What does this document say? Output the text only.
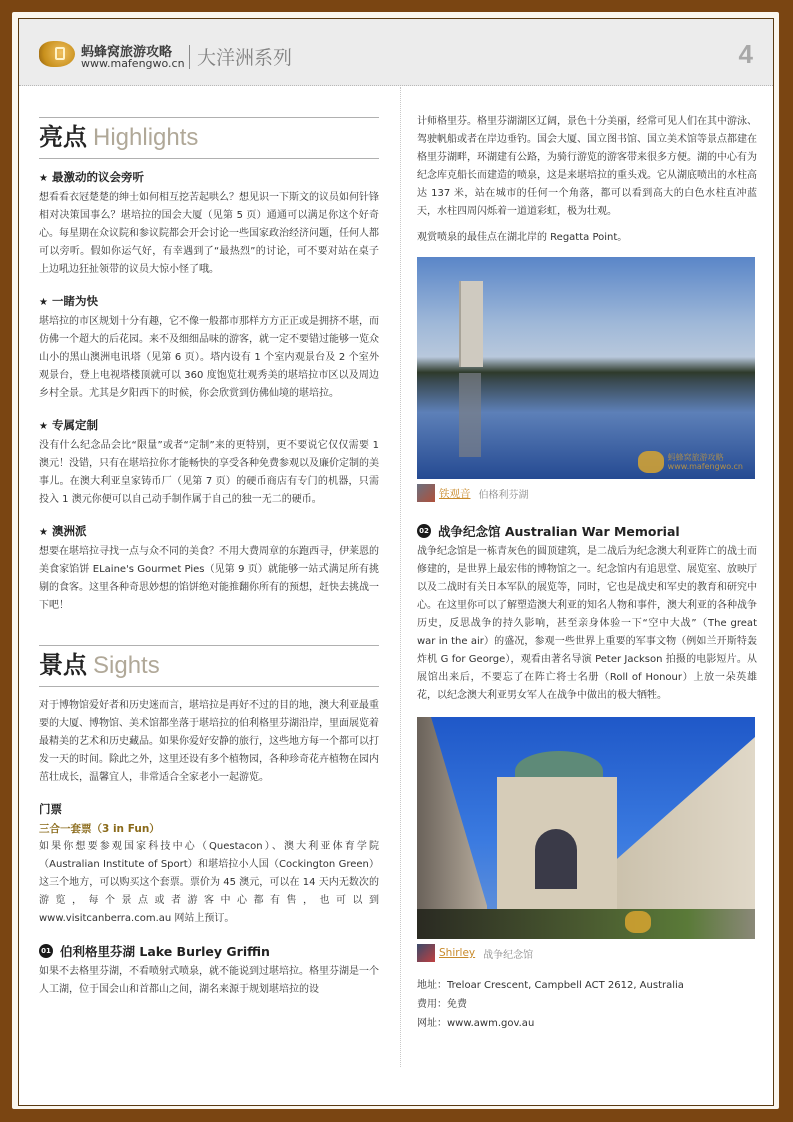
蚂蜂窝旅游攻略
www.mafengwo.cn 大洋洲系列	4
亮点 Highlights
★ 最激动的议会旁听

想看看衣冠楚楚的绅士如何相互挖苦起哄么？想见识一下斯文的议员如何针锋相对决策国事么？堪培拉的国会大厦（见第 5 页）通通可以满足你这个好奇心。每星期在众议院和参议院都会开会讨论一些国家政治经济问题，任何人都可以旁听。假如你运气好，有幸遇到了“最热烈”的讨论，可不要对站在桌子上边吼边狂扯领带的议员大惊小怪了哦。

★ 一睹为快

堪培拉的市区规划十分有趣，它不像一般都市那样方方正正或是拥挤不堪，而仿佛一个超大的后花园。来不及细细品味的游客，就一定不要错过能够一览众山小的黑山澳洲电讯塔（见第 6 页）。塔内设有 1 个室内观景台及 2 个室外观景台，登上电视塔楼顶就可以 360 度饱览壮观秀美的堪培拉市区以及周边乡村全景。尤其是夕阳西下的时候，你会欣赏到仿佛仙境的堪培拉。

★ 专属定制

没有什么纪念品会比“限量”或者“定制”来的更特别，更不要说它仅仅需要 1 澳元！没错，只有在堪培拉你才能畅快的享受各种免费参观以及廉价定制的美事儿。在澳大利亚皇家铸币厂（见第 7 页）的硬币商店有专门的机器，只需投入 1 澳元你便可以自己动手制作属于自己的独一无二的硬币。

★ 澳洲派

想要在堪培拉寻找一点与众不同的美食？不用大费周章的东跑西寻，伊莱恩的美食家馅饼 ELaine's Gourmet Pies（见第 9 页）就能够一站式满足所有挑剔的食客。这里各种奇思妙想的馅饼绝对能推翻你所有的预想，赶快去挑战一下吧！

景点 Sights

对于博物馆爱好者和历史迷而言，堪培拉是再好不过的目的地，澳大利亚最重要的大厦、博物馆、美术馆都坐落于堪培拉的伯利格里芬湖沿岸，里面展览着最精美的艺术和历史藏品。如果你爱好安静的旅行，这些地方每一个都可以打发一天的时间。除此之外，这里还设有多个植物园，各种珍奇花卉植物在园内茁壮成长，温馨宜人，非常适合全家老小一起游览。

门票
三合一套票（3 in Fun）

如果你想要参观国家科技中心（Questacon）、澳大利亚体育学院（Australian Institute of Sport）和堪培拉小人国（Cockington Green）这三个地方，可以购买这个套票。票价为 45 澳元，可以在 14 天内无数次的游览，每个景点或者游客中心都有售，也可以到 www.visitcanberra.com.au 网站上预订。

01 伯利格里芬湖 Lake Burley Griffin

如果不去格里芬湖，不看喷射式喷泉，就不能说到过堪培拉。格里芬湖是一个人工湖，位于国会山和首都山之间，湖名来源于规划堪培拉的设

计师格里芬。格里芬湖湖区辽阔，景色十分美丽，经常可见人们在其中游泳、驾驶帆船或者在岸边垂钓。国会大厦、国立图书馆、国立美术馆等景点都建在格里芬湖畔，环湖建有公路，为骑行游览的游客带来很多方便。湖的中心有为纪念库克船长而建造的喷泉，这是来堪培拉的重头戏。它从湖底喷出的水柱高达 137 米，站在城市的任何一个角落，都可以看到高大的白色水柱直冲蓝天，水柱四周闪烁着一道道彩虹，极为壮观。

观赏喷泉的最佳点在湖北岸的 Regatta Point。

蚂蜂窝旅游攻略
www.mafengwo.cn
铁观音 伯格利芬湖
02 战争纪念馆 Australian War Memorial

战争纪念馆是一栋青灰色的圆顶建筑，是二战后为纪念澳大利亚阵亡的战士而修建的，是世界上最宏伟的博物馆之一。纪念馆内有追思堂、展览室、放映厅以及二战时有关日本军队的展览等，同时，它也是战史和军史的教育和研究中心。在这里你可以了解塑造澳大利亚的知名人物和事件，澳大利亚的各种战争历史，反思战争的持久影响，甚至亲身体验一下“空中大战”（The great war in the air）的盛况，参观一些世界上重要的军事文物（例如兰开斯特轰炸机 G for George），观看由著名导演 Peter Jackson 拍摄的电影短片。从展馆出来后，不要忘了在阵亡将士名册（Roll of Honour）上放一朵英雄花，以纪念澳大利亚男女军人在战争中做出的极大牺牲。

Shirley 战争纪念馆
地址：Treloar Crescent, Campbell ACT 2612, Australia
费用：免费
网址：www.awm.gov.au
